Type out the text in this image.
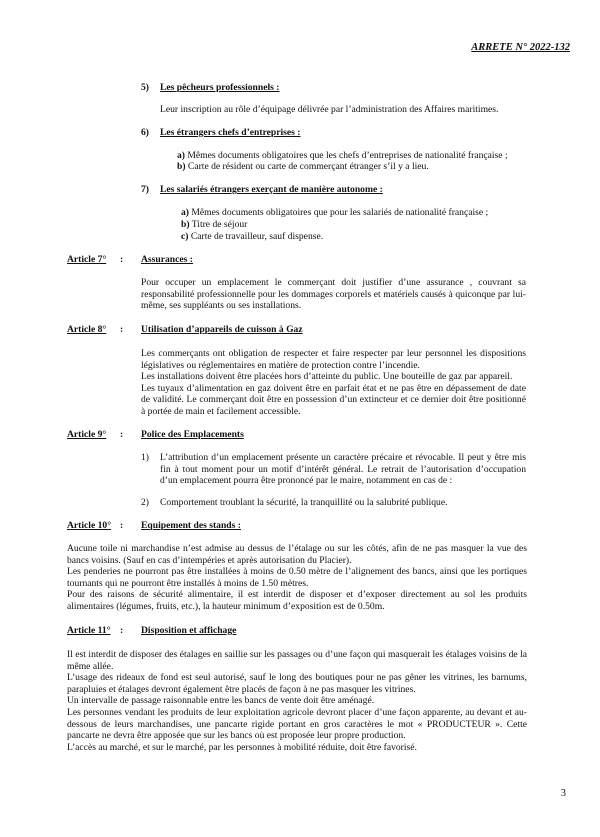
ARRETE N° 2022-132
5) Les pêcheurs professionnels :
Leur inscription au rôle d’équipage délivrée par l’administration des Affaires maritimes.
6) Les étrangers chefs d’entreprises :
a) Mêmes documents obligatoires que les chefs d’entreprises de nationalité française ;
b) Carte de résident ou carte de commerçant étranger s’il y a lieu.
7) Les salariés étrangers exerçant de manière autonome :
a) Mêmes documents obligatoires que pour les salariés de nationalité française ;
b) Titre de séjour
c) Carte de travailleur, sauf dispense.
Article 7° : Assurances :
Pour occuper un emplacement le commerçant doit justifier d’une assurance , couvrant sa responsabilité professionnelle pour les dommages corporels et matériels causés à quiconque par lui-même, ses suppléants ou ses installations.
Article 8° : Utilisation d’appareils de cuisson à Gaz
Les commerçants ont obligation de respecter et faire respecter par leur personnel les dispositions législatives ou réglementaires en matière de protection contre l’incendie.
Les installations doivent être placées hors d’atteinte du public. Une bouteille de gaz par appareil.
Les tuyaux d’alimentation en gaz doivent être en parfait état et ne pas être en dépassement de date de validité. Le commerçant doit être en possession d’un extincteur et ce dernier doit être positionné à portée de main et facilement accessible.
Article 9° : Police des Emplacements
1) L’attribution d’un emplacement présente un caractère précaire et révocable. Il peut y être mis fin à tout moment pour un motif d’intérêt général. Le retrait de l’autorisation d’occupation d’un emplacement pourra être prononcé par le maire, notamment en cas de :
2) Comportement troublant la sécurité, la tranquillité ou la salubrité publique.
Article 10° : Equipement des stands :
Aucune toile ni marchandise n’est admise au dessus de l’étalage ou sur les côtés, afin de ne pas masquer la vue des bancs voisins. (Sauf en cas d’intempéries et après autorisation du Placier).
Les penderies ne pourront pas être installées à moins de 0.50 mètre de l’alignement des bancs, ainsi que les portiques tournants qui ne pourront être installés à moins de 1.50 mètres.
Pour des raisons de sécurité alimentaire, il est interdit de disposer et d’exposer directement au sol les produits alimentaires (légumes, fruits, etc.), la hauteur minimum d’exposition est de 0.50m.
Article 11° : Disposition et affichage
Il est interdit de disposer des étalages en saillie sur les passages ou d’une façon qui masquerait les étalages voisins de la même allée.
L’usage des rideaux de fond est seul autorisé, sauf le long des boutiques pour ne pas gêner les vitrines, les barnums, parapluies et étalages devront également être placés de façon à ne pas masquer les vitrines.
Un intervalle de passage raisonnable entre les bancs de vente doit être aménagé.
Les personnes vendant les produits de leur exploitation agricole devront placer d’une façon apparente, au devant et au-dessous de leurs marchandises, une pancarte rigide portant en gros caractères le mot « PRODUCTEUR ». Cette pancarte ne devra être apposée que sur les bancs où est proposée leur propre production.
L’accès au marché, et sur le marché, par les personnes à mobilité réduite, doit être favorisé.
3
